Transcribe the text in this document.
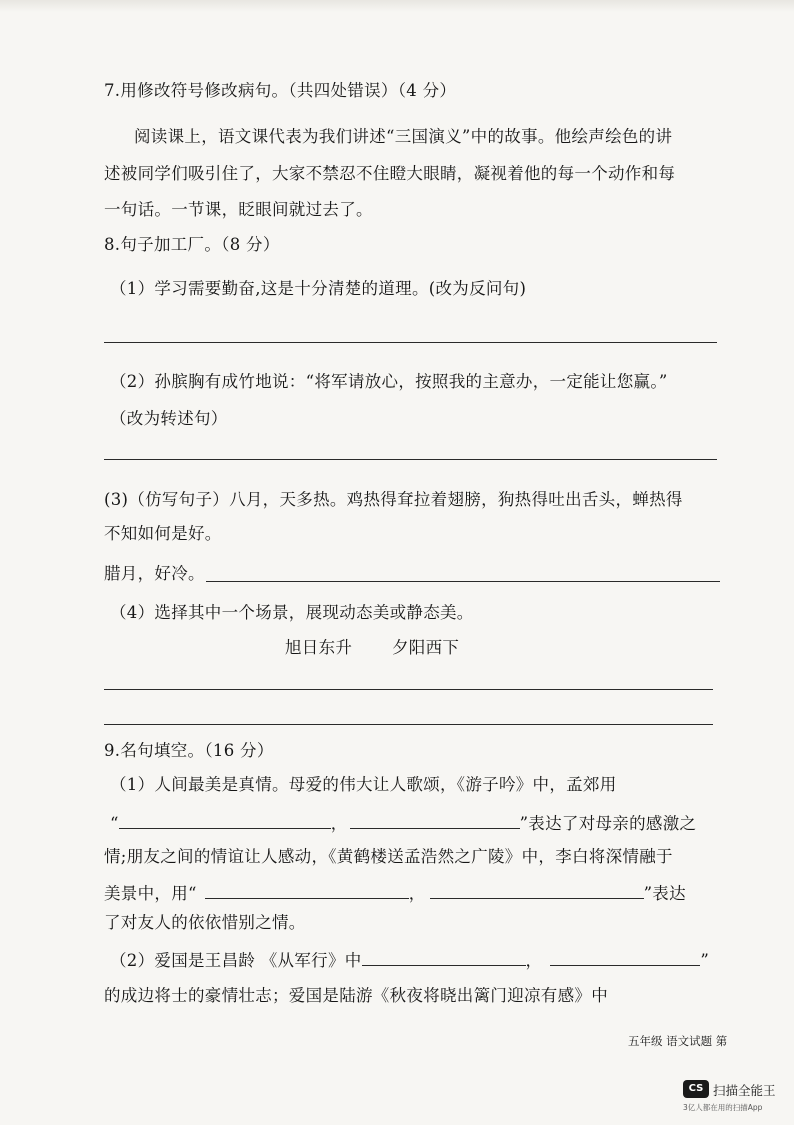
7.用修改符号修改病句。（共四处错误）（4 分）
阅读课上，语文课代表为我们讲述“三国演义”中的故事。他绘声绘色的讲
述被同学们吸引住了，大家不禁忍不住瞪大眼睛，凝视着他的每一个动作和每
一句话。一节课，眨眼间就过去了。
8.句子加工厂。（8 分）
（1）学习需要勤奋,这是十分清楚的道理。(改为反问句)
（2）孙膑胸有成竹地说：“将军请放心，按照我的主意办，一定能让您赢。”
（改为转述句）
(3)（仿写句子）八月，天多热。鸡热得耷拉着翅膀，狗热得吐出舌头，蝉热得
不知如何是好。
腊月，好冷。
（4）选择其中一个场景，展现动态美或静态美。
旭日东升 夕阳西下
9.名句填空。（16 分）
（1）人间最美是真情。母爱的伟大让人歌颂，《游子吟》中，孟郊用
“	，	”表达了对母亲的感激之
情;朋友之间的情谊让人感动，《黄鹤楼送孟浩然之广陵》中，李白将深情融于
美景中，用“	，	”表达
了对友人的依依惜别之情。
（2）爱国是王昌龄 《从军行》中	，	”
的成边将士的豪情壮志；爱国是陆游《秋夜将晓出篱门迎凉有感》中
五年级 语文试题 第
CS 扫描全能王
3亿人都在用的扫描App
